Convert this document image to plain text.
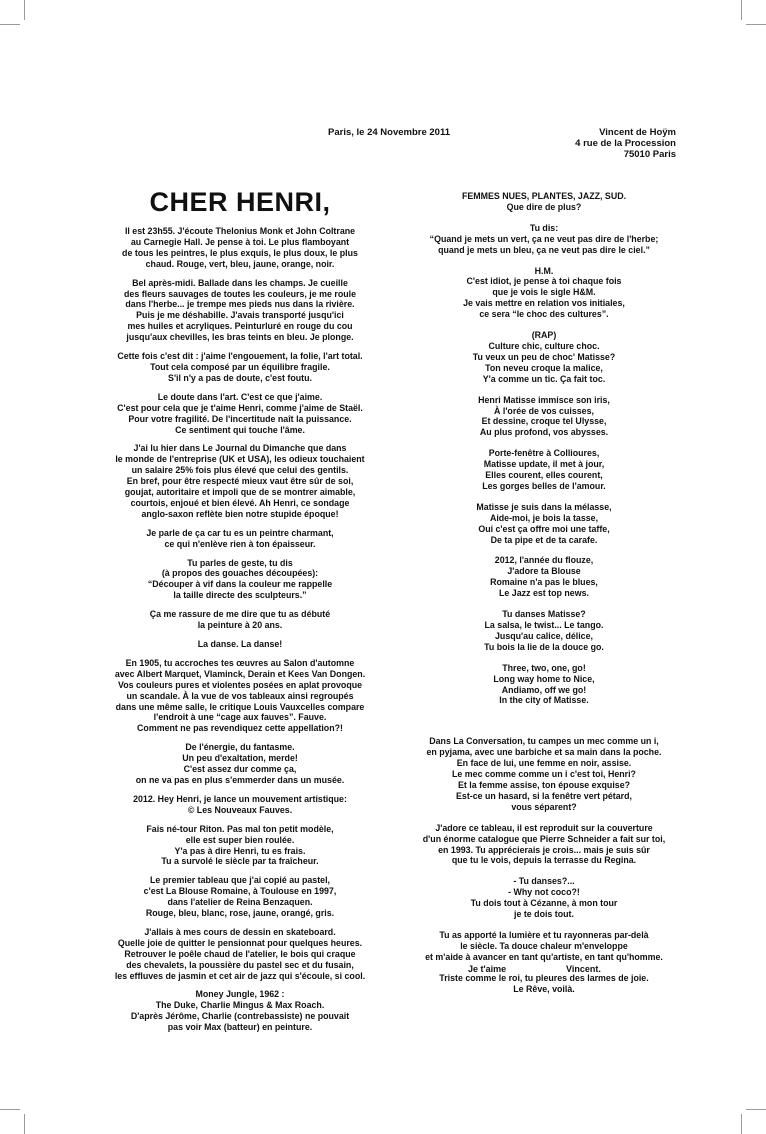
Paris, le 24 Novembre 2011	Vincent de Hoÿm
4 rue de la Procession
75010 Paris
CHER HENRI,

Il est 23h55. J'écoute Thelonius Monk et John Coltrane
au Carnegie Hall. Je pense à toi. Le plus flamboyant
de tous les peintres, le plus exquis, le plus doux, le plus
chaud. Rouge, vert, bleu, jaune, orange, noir.

Bel après-midi. Ballade dans les champs. Je cueille
des fleurs sauvages de toutes les couleurs, je me roule
dans l'herbe... je trempe mes pieds nus dans la rivière.
Puis je me déshabille. J'avais transporté jusqu'ici
mes huiles et acryliques. Peinturluré en rouge du cou
jusqu'aux chevilles, les bras teints en bleu. Je plonge.

Cette fois c'est dit : j'aime l'engouement, la folie, l'art total.
Tout cela composé par un équilibre fragile.
S'il n'y a pas de doute, c'est foutu.

Le doute dans l'art. C'est ce que j'aime.
C'est pour cela que je t'aime Henri, comme j'aime de Staël.
Pour votre fragilité. De l'incertitude naît la puissance.
Ce sentiment qui touche l'âme.

J'ai lu hier dans Le Journal du Dimanche que dans
le monde de l'entreprise (UK et USA), les odieux touchaient
un salaire 25% fois plus élevé que celui des gentils.
En bref, pour être respecté mieux vaut être sûr de soi,
goujat, autoritaire et impoli que de se montrer aimable,
courtois, enjoué et bien élevé. Ah Henri, ce sondage
anglo-saxon reflète bien notre stupide époque!

Je parle de ça car tu es un peintre charmant,
ce qui n'enlève rien à ton épaisseur.

Tu parles de geste, tu dis
(à propos des gouaches découpées):
“Découper à vif dans la couleur me rappelle
la taille directe des sculpteurs.”

Ça me rassure de me dire que tu as débuté
la peinture à 20 ans.

La danse. La danse!

En 1905, tu accroches tes œuvres au Salon d'automne
avec Albert Marquet, Vlaminck, Derain et Kees Van Dongen.
Vos couleurs pures et violentes posées en aplat provoque
un scandale. À la vue de vos tableaux ainsi regroupés
dans une même salle, le critique Louis Vauxcelles compare
l'endroit à une “cage aux fauves”. Fauve.
Comment ne pas revendiquez cette appellation?!

De l'énergie, du fantasme.
Un peu d'exaltation, merde!
C'est assez dur comme ça,
on ne va pas en plus s'emmerder dans un musée.

2012. Hey Henri, je lance un mouvement artistique:
© Les Nouveaux Fauves.

Fais né-tour Riton. Pas mal ton petit modèle,
elle est super bien roulée.
Y'a pas à dire Henri, tu es frais.
Tu a survolé le siècle par ta fraîcheur.

Le premier tableau que j'ai copié au pastel,
c'est La Blouse Romaine, à Toulouse en 1997,
dans l'atelier de Reina Benzaquen.
Rouge, bleu, blanc, rose, jaune, orangé, gris.

J'allais à mes cours de dessin en skateboard.
Quelle joie de quitter le pensionnat pour quelques heures.
Retrouver le poêle chaud de l'atelier, le bois qui craque
des chevalets, la poussière du pastel sec et du fusain,
les effluves de jasmin et cet air de jazz qui s'écoule, si cool.

Money Jungle, 1962 :
The Duke, Charlie Mingus & Max Roach.
D'après Jérôme, Charlie (contrebassiste) ne pouvait
pas voir Max (batteur) en peinture.

FEMMES NUES, PLANTES, JAZZ, SUD.
Que dire de plus?

Tu dis:
“Quand je mets un vert, ça ne veut pas dire de l'herbe;
quand je mets un bleu, ça ne veut pas dire le ciel.”

H.M.
C'est idiot, je pense à toi chaque fois
que je vois le sigle H&M.
Je vais mettre en relation vos initiales,
ce sera “le choc des cultures”.

(RAP)
Culture chic, culture choc.
Tu veux un peu de choc' Matisse?
Ton neveu croque la malice,
Y'a comme un tic. Ça fait toc.

Henri Matisse immisce son iris,
À l'orée de vos cuisses,
Et dessine, croque tel Ulysse,
Au plus profond, vos abysses.

Porte-fenêtre à Collioures,
Matisse update, il met à jour,
Elles courent, elles courent,
Les gorges belles de l'amour.

Matisse je suis dans la mélasse,
Aide-moi, je bois la tasse,
Oui c'est ça offre moi une taffe,
De ta pipe et de ta carafe.

2012, l'année du flouze,
J'adore ta Blouse
Romaine n'a pas le blues,
Le Jazz est top news.

Tu danses Matisse?
La salsa, le twist... Le tango.
Jusqu'au calice, délice,
Tu bois la lie de la douce go.

Three, two, one, go!
Long way home to Nice,
Andiamo, off we go!
In the city of Matisse.

Dans La Conversation, tu campes un mec comme un i,
en pyjama, avec une barbiche et sa main dans la poche.
En face de lui, une femme en noir, assise.
Le mec comme comme un i c'est toi, Henri?
Et la femme assise, ton épouse exquise?
Est-ce un hasard, si la fenêtre vert pétard,
vous séparent?

J'adore ce tableau, il est reproduit sur la couverture
d'un énorme catalogue que Pierre Schneider a fait sur toi,
en 1993. Tu apprécierais je crois... mais je suis sûr
que tu le vois, depuis la terrasse du Regina.

- Tu danses?...
- Why not coco?!
Tu dois tout à Cézanne, à mon tour
je te dois tout.

Tu as apporté la lumière et tu rayonneras par-delà
le siècle. Ta douce chaleur m'enveloppe
et m'aide à avancer en tant qu'artiste, en tant qu'homme.

Triste comme le roi, tu pleures des larmes de joie.
Le Rêve, voilà.

Je t'aime	Vincent.
